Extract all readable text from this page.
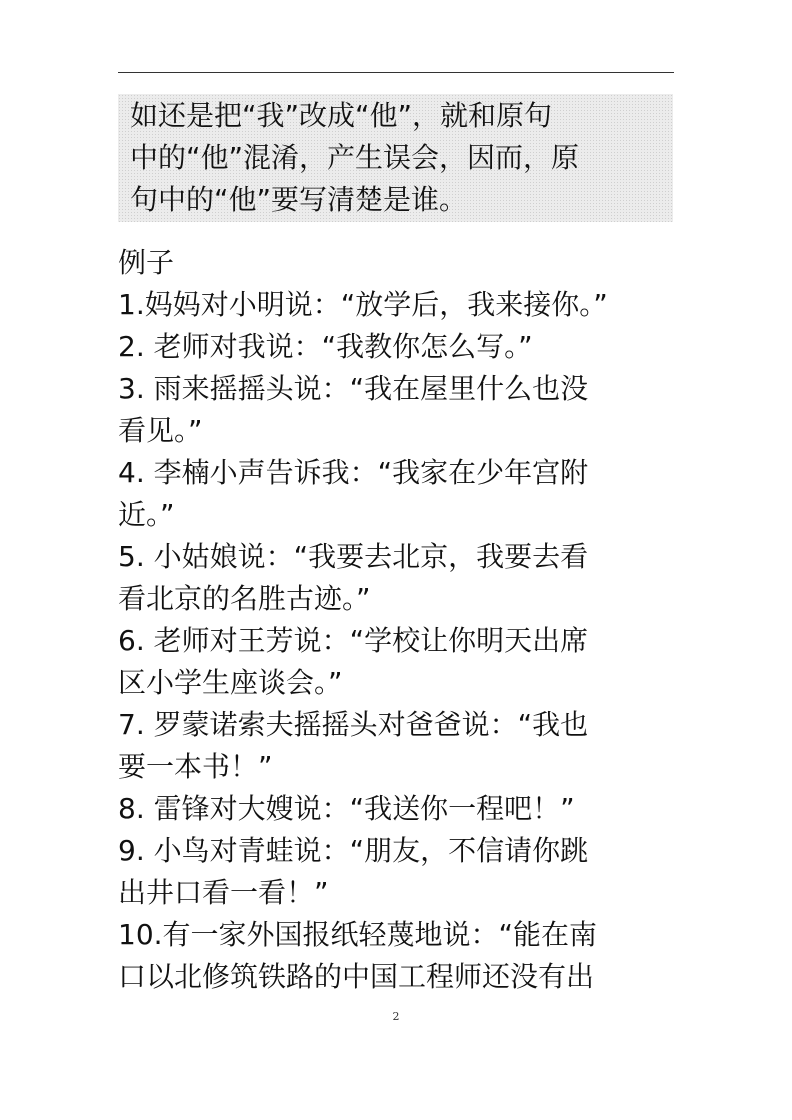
如还是把“我”改成“他”，就和原句
中的“他”混淆，产生误会，因而，原
句中的“他”要写清楚是谁。
例子
1.妈妈对小明说：“放学后，我来接你。”
2. 老师对我说：“我教你怎么写。”
3. 雨来摇摇头说：“我在屋里什么也没
看见。”
4. 李楠小声告诉我：“我家在少年宫附
近。”
5. 小姑娘说：“我要去北京，我要去看
看北京的名胜古迹。”
6. 老师对王芳说：“学校让你明天出席
区小学生座谈会。”
7. 罗蒙诺索夫摇摇头对爸爸说：“我也
要一本书！”
8. 雷锋对大嫂说：“我送你一程吧！”
9. 小鸟对青蛙说：“朋友，不信请你跳
出井口看一看！”
10.有一家外国报纸轻蔑地说：“能在南
口以北修筑铁路的中国工程师还没有出
2
